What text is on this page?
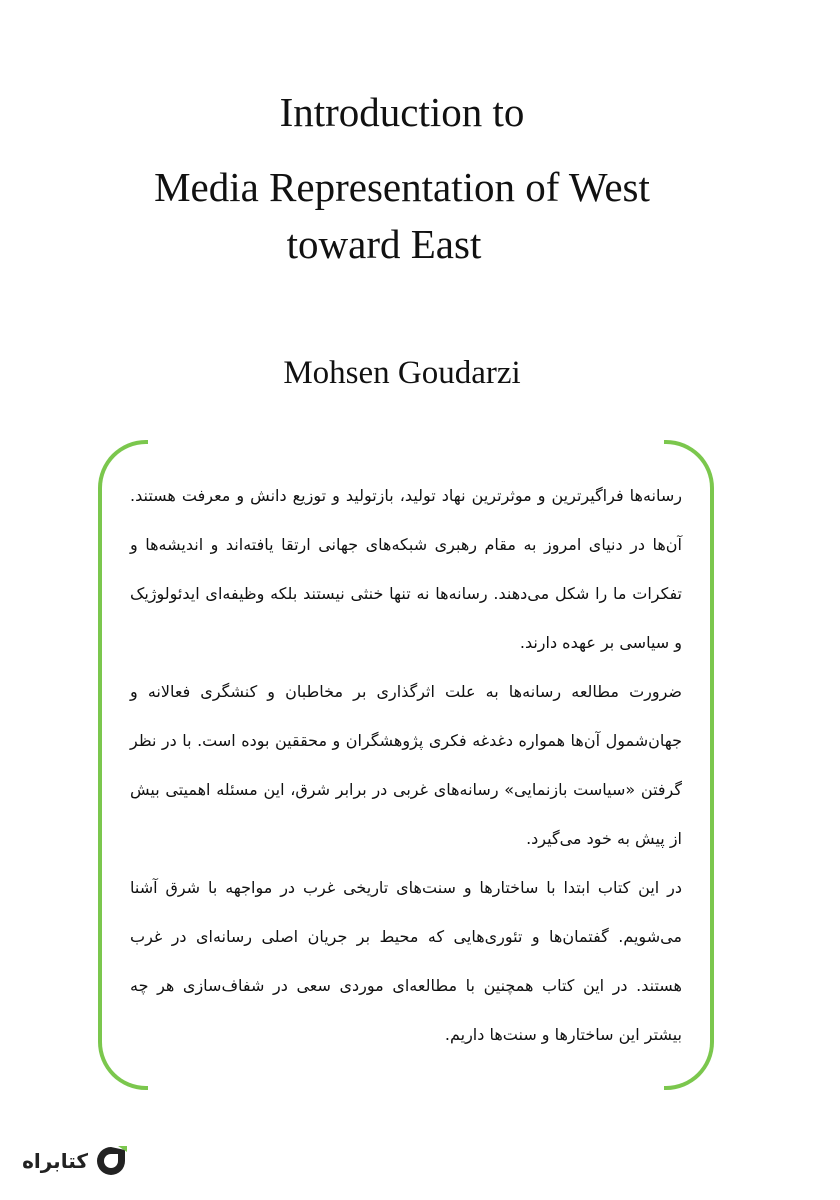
Introduction to
Media Representation of West
toward East
Mohsen Goudarzi

رسانه‌ها فراگیرترین و موثرترین نهاد تولید، بازتولید و توزیع دانش و معرفت هستند. آن‌ها در دنیای امروز به مقام رهبری شبکه‌های جهانی ارتقا یافته‌اند و اندیشه‌ها و تفکرات ما را شکل می‌دهند. رسانه‌ها نه تنها خنثی نیستند بلکه وظیفه‌ای ایدئولوژیک و سیاسی بر عهده دارند.

ضرورت مطالعه رسانه‌ها به علت اثرگذاری بر مخاطبان و کنشگری فعالانه و جهان‌شمول آن‌ها همواره دغدغه فکری پژوهشگران و محققین بوده است. با در نظر گرفتن «سیاست بازنمایی» رسانه‌های غربی در برابر شرق، این مسئله اهمیتی بیش از پیش به خود می‌گیرد.

در این کتاب ابتدا با ساختارها و سنت‌های تاریخی غرب در مواجهه با شرق آشنا می‌شویم. گفتمان‌ها و تئوری‌هایی که محیط بر جریان اصلی رسانه‌ای در غرب هستند. در این کتاب همچنین با مطالعه‌ای موردی سعی در شفاف‌سازی هر چه بیشتر این ساختارها و سنت‌ها داریم.

کتابراه
